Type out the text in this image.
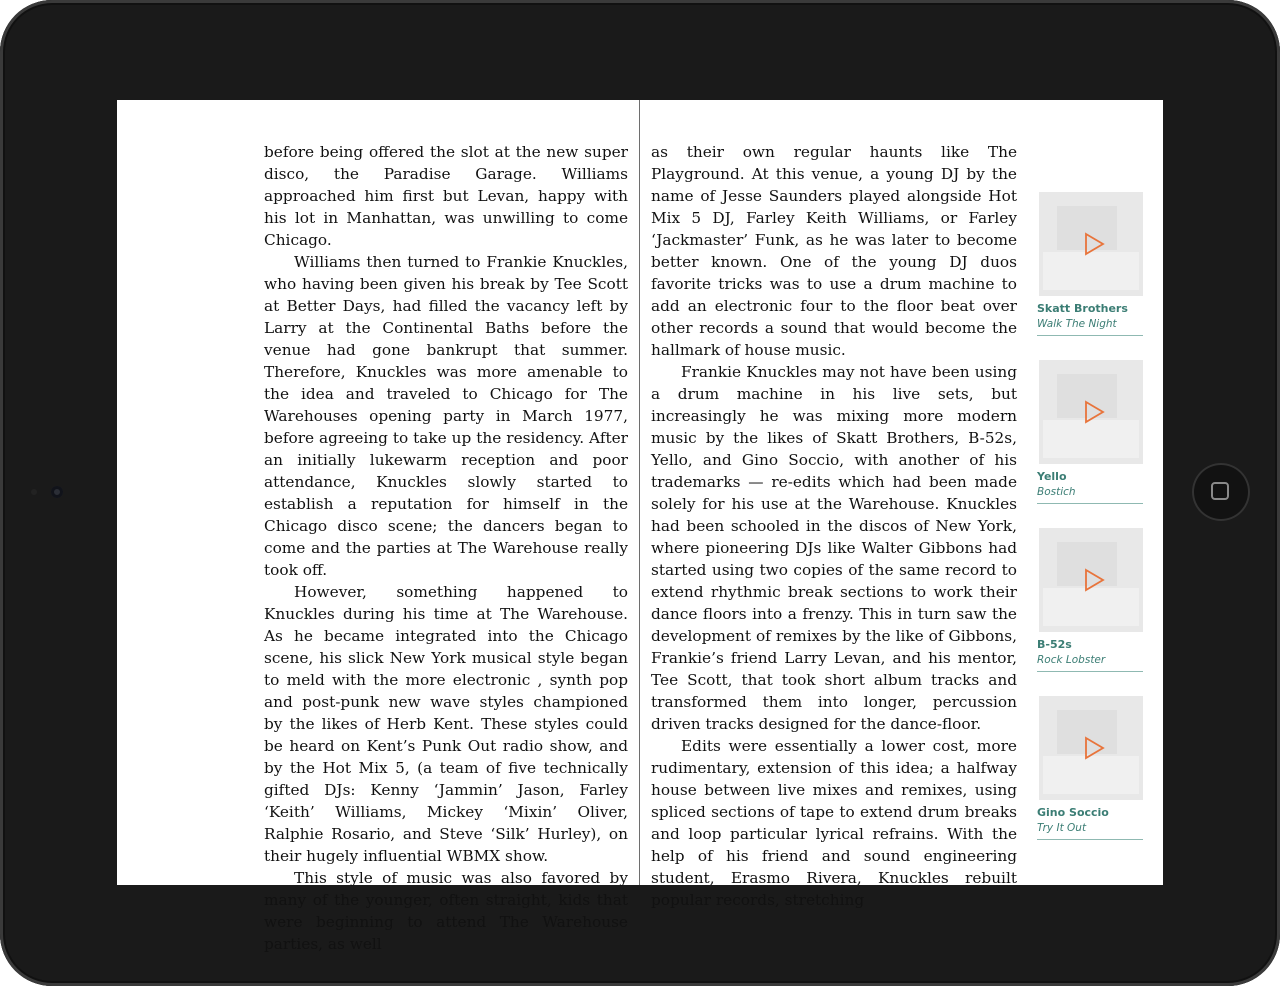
before being offered the slot at the new super disco, the Paradise Garage. Williams approached him first but Levan, happy with his lot in Manhattan, was unwilling to come Chicago.

Williams then turned to Frankie Knuckles, who having been given his break by Tee Scott at Better Days, had filled the vacancy left by Larry at the Continental Baths before the venue had gone bankrupt that summer. Therefore, Knuckles was more amenable to the idea and traveled to Chicago for The Warehouses opening party in March 1977, before agreeing to take up the residency. After an initially lukewarm reception and poor attendance, Knuckles slowly started to establish a reputation for himself in the Chicago disco scene; the dancers began to come and the parties at The Warehouse really took off.

However, something happened to Knuckles during his time at The Warehouse. As he became integrated into the Chicago scene, his slick New York musical style began to meld with the more electronic , synth pop and post-punk new wave styles championed by the likes of Herb Kent. These styles could be heard on Kent’s Punk Out radio show, and by the Hot Mix 5, (a team of five technically gifted DJs: Kenny ‘Jammin’ Jason, Farley ‘Keith’ Williams, Mickey ‘Mixin’ Oliver, Ralphie Rosario, and Steve ‘Silk’ Hurley), on their hugely influential WBMX show.

This style of music was also favored by many of the younger, often straight, kids that were beginning to attend The Warehouse parties, as well

as their own regular haunts like The Playground. At this venue, a young DJ by the name of Jesse Saunders played alongside Hot Mix 5 DJ, Farley Keith Williams, or Farley ‘Jackmaster’ Funk, as he was later to become better known. One of the young DJ duos favorite tricks was to use a drum machine to add an electronic four to the floor beat over other records a sound that would become the hallmark of house music.

Frankie Knuckles may not have been using a drum machine in his live sets, but increasingly he was mixing more modern music by the likes of Skatt Brothers, B-52s, Yello, and Gino Soccio, with another of his trademarks — re-edits which had been made solely for his use at the Warehouse. Knuckles had been schooled in the discos of New York, where pioneering DJs like Walter Gibbons had started using two copies of the same record to extend rhythmic break sections to work their dance floors into a frenzy. This in turn saw the development of remixes by the like of Gibbons, Frankie’s friend Larry Levan, and his mentor, Tee Scott, that took short album tracks and transformed them into longer, percussion driven tracks designed for the dance-floor.

Edits were essentially a lower cost, more rudimentary, extension of this idea; a halfway house between live mixes and remixes, using spliced sections of tape to extend drum breaks and loop particular lyrical refrains. With the help of his friend and sound engineering student, Erasmo Rivera, Knuckles rebuilt popular records, stretching

Skatt Brothers
Walk The Night
Yello
Bostich
B-52s
Rock Lobster
Gino Soccio
Try It Out
